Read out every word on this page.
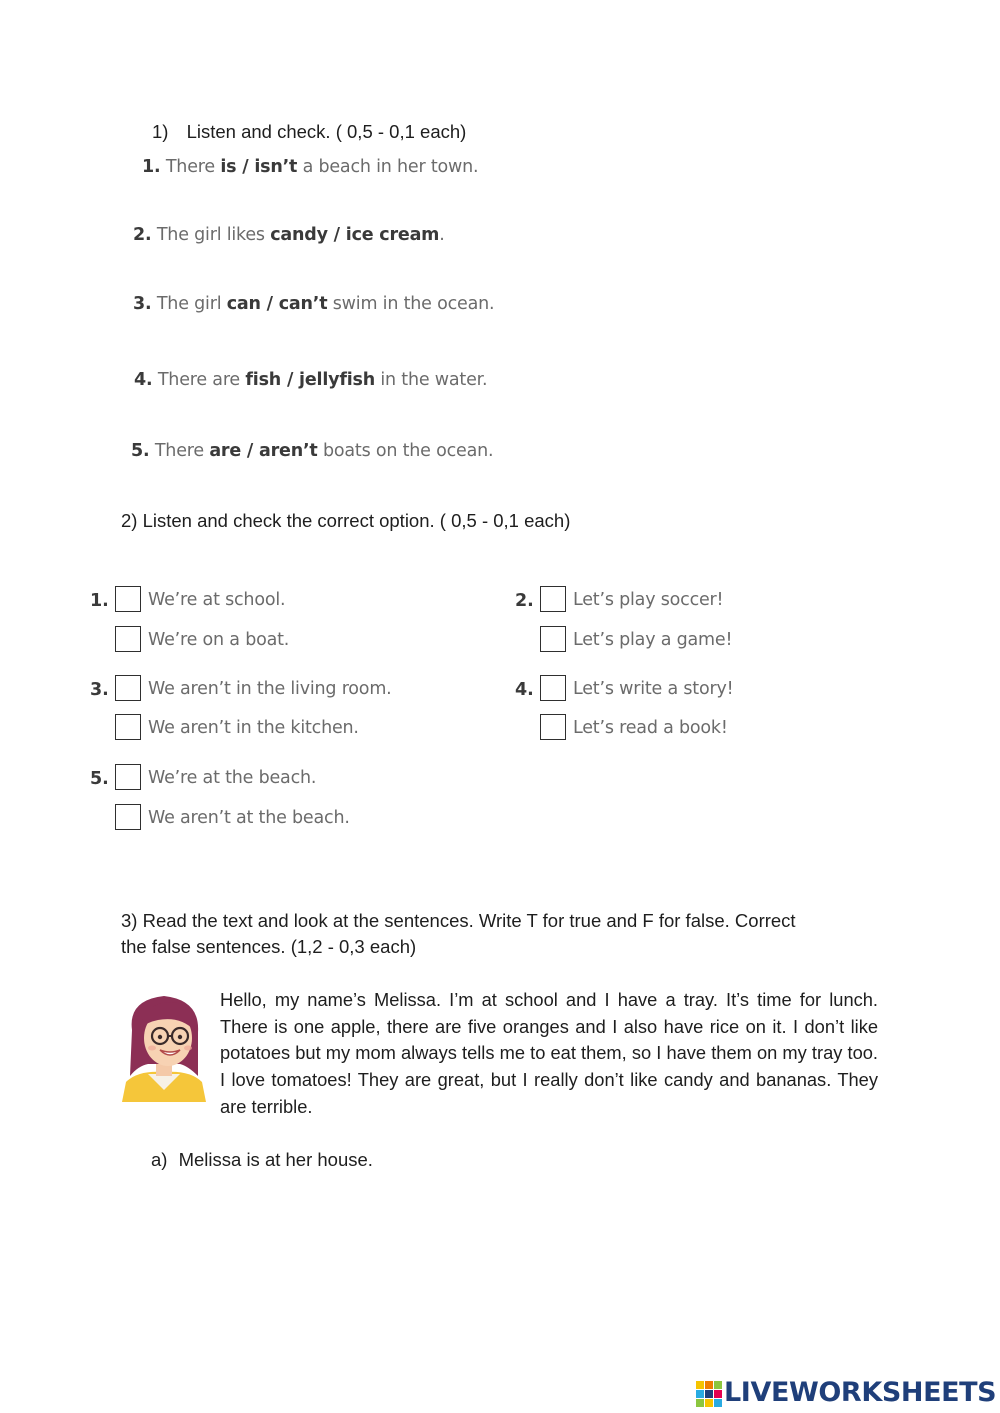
1) Listen and check. ( 0,5 - 0,1 each)
1. There is / isn’t a beach in her town.
2. The girl likes candy / ice cream.
3. The girl can / can’t swim in the ocean.
4. There are fish / jellyfish in the water.
5. There are / aren’t boats on the ocean.
2) Listen and check the correct option. ( 0,5 - 0,1 each)
1. We’re at school.
We’re on a boat.
2. Let’s play soccer!
Let’s play a game!
3. We aren’t in the living room.
We aren’t in the kitchen.
4. Let’s write a story!
Let’s read a book!
5. We’re at the beach.
We aren’t at the beach.
3) Read the text and look at the sentences. Write T for true and F for false. Correct
the false sentences. (1,2 - 0,3 each)
Hello, my name’s Melissa. I’m at school and I have a tray. It’s time for lunch. There is one apple, there are five oranges and I also have rice on it. I don’t like potatoes but my mom always tells me to eat them, so I have them on my tray too. I love tomatoes! They are great, but I really don’t like candy and bananas. They are terrible.
a) Melissa is at her house.
LIVEWORKSHEETS
